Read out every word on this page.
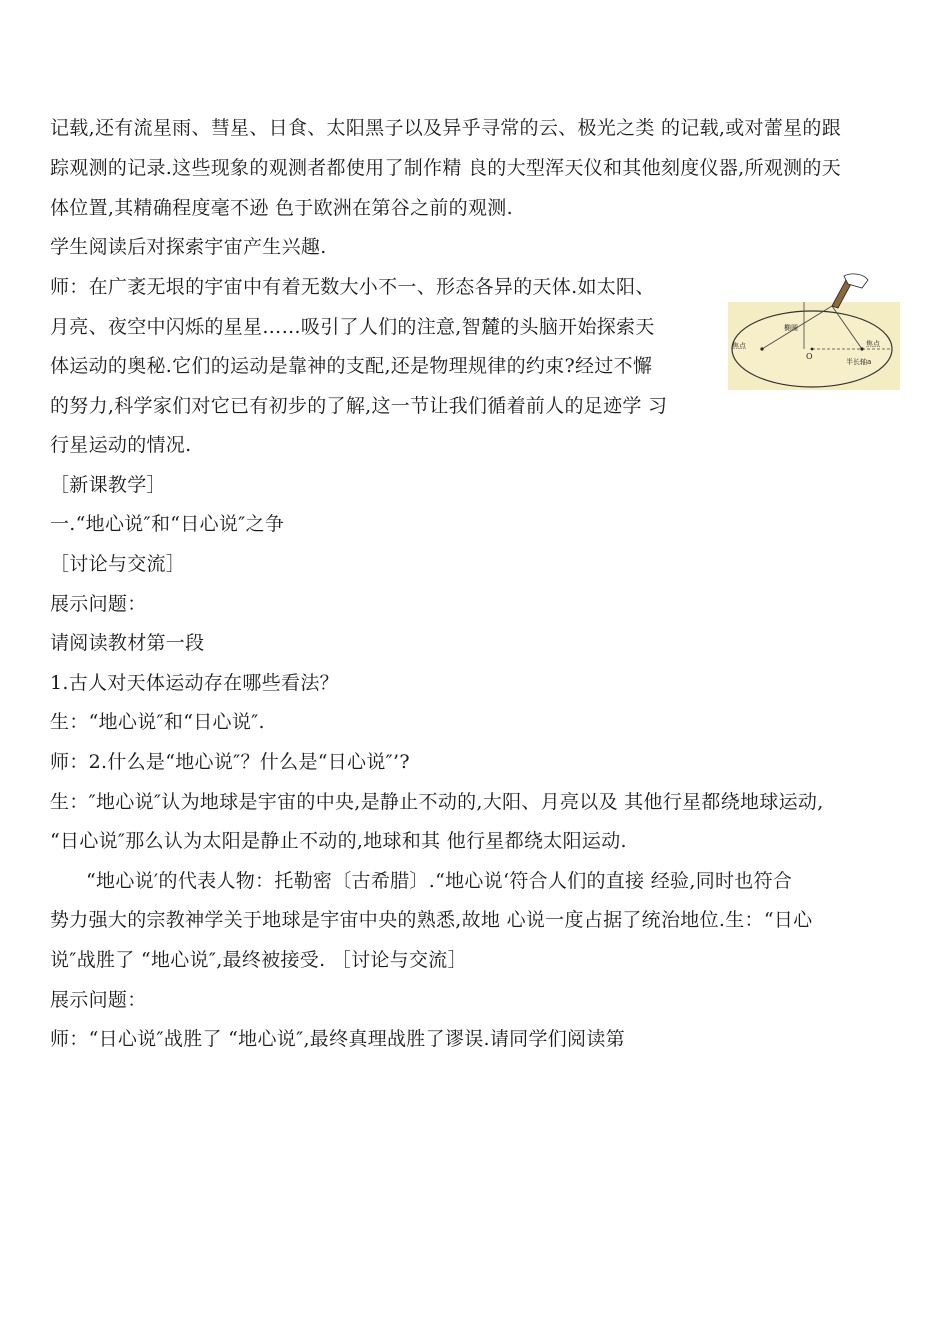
记载,还有流星雨、彗星、日食、太阳黑子以及异乎寻常的云、极光之类 的记载,或对蕾星的跟
踪观测的记录.这些现象的观测者都使用了制作精 良的大型浑天仪和其他刻度仪器,所观测的天
体位置,其精确程度毫不逊 色于欧洲在第谷之前的观测.
学生阅读后对探索宇宙产生兴趣.
师：在广袤无垠的宇宙中有着无数大小不一、形态各异的天体.如太阳、
月亮、夜空中闪烁的星星……吸引了人们的注意,智麓的头脑开始探索天
体运动的奥秘.它们的运动是靠神的支配,还是物理规律的约束?经过不懈
的努力,科学家们对它已有初步的了解,这一节让我们循着前人的足迹学 习
行星运动的情况.
［新课教学］
一.“地心说″和“日心说″之争
［讨论与交流］
展示问题：
请阅读教材第一段
1.古人对天体运动存在哪些看法？
生：“地心说″和“日心说″.
师：2.什么是“地心说″？什么是“日心说″’?
生：″地心说″认为地球是宇宙的中央,是静止不动的,大阳、月亮以及 其他行星都绕地球运动,
“日心说″那么认为太阳是静止不动的,地球和其 他行星都绕太阳运动.
“地心说′的代表人物：托勒密〔古希腊〕.“地心说‘符合人们的直接 经验,同时也符合
势力强大的宗教神学关于地球是宇宙中央的熟悉,故地 心说一度占据了统治地位.生：“日心
说″战胜了 “地心说″,最终被接受. ［讨论与交流］
展示问题：
师：“日心说″战胜了 “地心说″,最终真理战胜了谬误.请同学们阅读第
焦点
椭圆
O
焦点
半长轴a
